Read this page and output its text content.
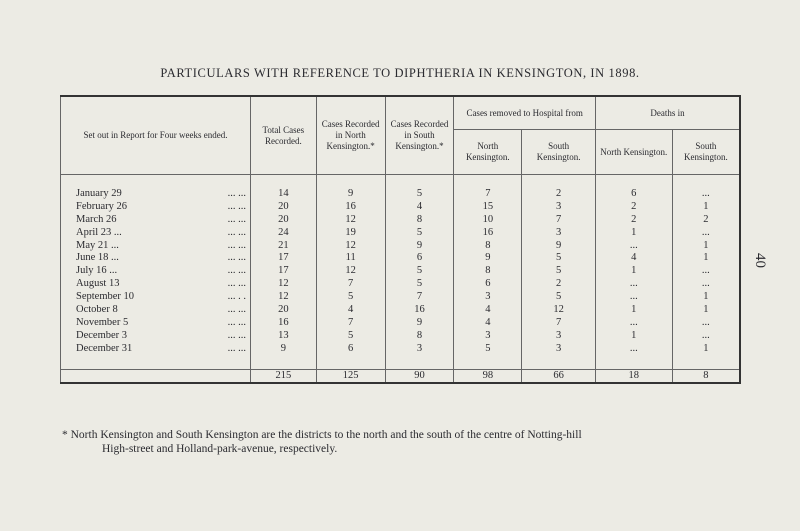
PARTICULARS WITH REFERENCE TO DIPHTHERIA IN KENSINGTON, IN 1898.
Set out in Report for Four weeks ended.	Total Cases Recorded.	Cases Recorded in North Kensington.*	Cases Recorded in South Kensington.*	Cases removed to Hospital from		Deaths in	
				North Kensington.	South Kensington.	North Kensington.	South Kensington.

January 29 ... ...	14	9	5	7	2	6	...
February 26 ... ...	20	16	4	15	3	2	1
March 26 ... ...	20	12	8	10	7	2	2
April 23 ... ... ...	24	19	5	16	3	1	...
May 21 ... ... ...	21	12	9	8	9	...	1
June 18 ... ... ...	17	11	6	9	5	4	1
July 16 ... ... ...	17	12	5	8	5	1	...
August 13 ... ...	12	7	5	6	2	...	...
September 10 ... . .	12	5	7	3	5	...	1
October 8 ... ...	20	4	16	4	12	1	1
November 5 ... ...	16	7	9	4	7	...	...
December 3 ... ...	13	5	8	3	3	1	...
December 31 ... ...	9	6	3	5	3	...	1

	215	125	90	98	66	18	8
* North Kensington and South Kensington are the districts to the north and the south of the centre of Notting-hill
High-street and Holland-park-avenue, respectively.
40
